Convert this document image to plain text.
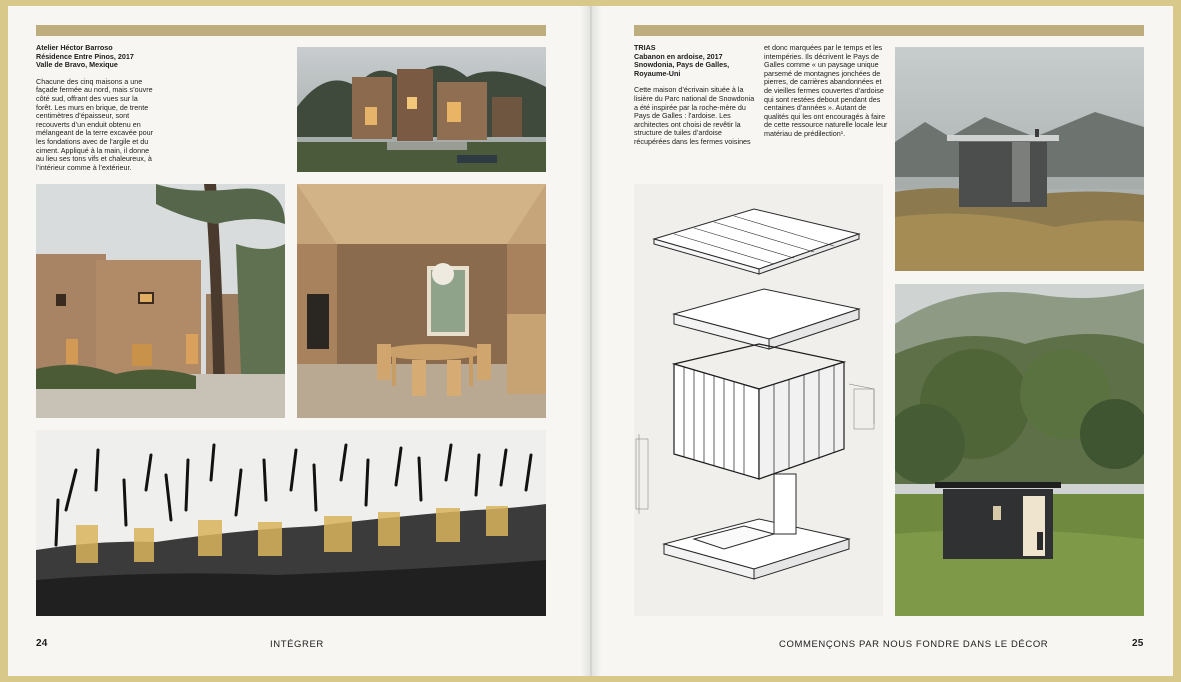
Atelier Héctor Barroso
Résidence Entre Pinos, 2017
Valle de Bravo, Mexique
Chacune des cinq maisons a une façade fermée au nord, mais s’ouvre côté sud, offrant des vues sur la forêt. Les murs en brique, de trente centimètres d’épaisseur, sont recouverts d’un enduit obtenu en mélangeant de la terre excavée pour les fondations avec de l’argile et du ciment. Appliqué à la main, il donne au lieu ses tons vifs et chaleureux, à l’intérieur comme à l’extérieur.
24	INTÉGRER
TRIAS
Cabanon en ardoise, 2017
Snowdonia, Pays de Galles, Royaume-Uni
Cette maison d’écrivain située à la lisière du Parc national de Snowdonia a été inspirée par la roche-mère du Pays de Galles : l’ardoise. Les architectes ont choisi de revêtir la structure de tuiles d’ardoise récupérées dans les fermes voisines
et donc marquées par le temps et les intempéries. Ils décrivent le Pays de Galles comme « un paysage unique parsemé de montagnes jonchées de pierres, de carrières abandonnées et de vieilles fermes couvertes d’ardoise qui sont restées debout pendant des centaines d’années ». Autant de qualités qui les ont encouragés à faire de cette ressource naturelle locale leur matériau de prédilection¹.
COMMENÇONS PAR NOUS FONDRE DANS LE DÉCOR	25
